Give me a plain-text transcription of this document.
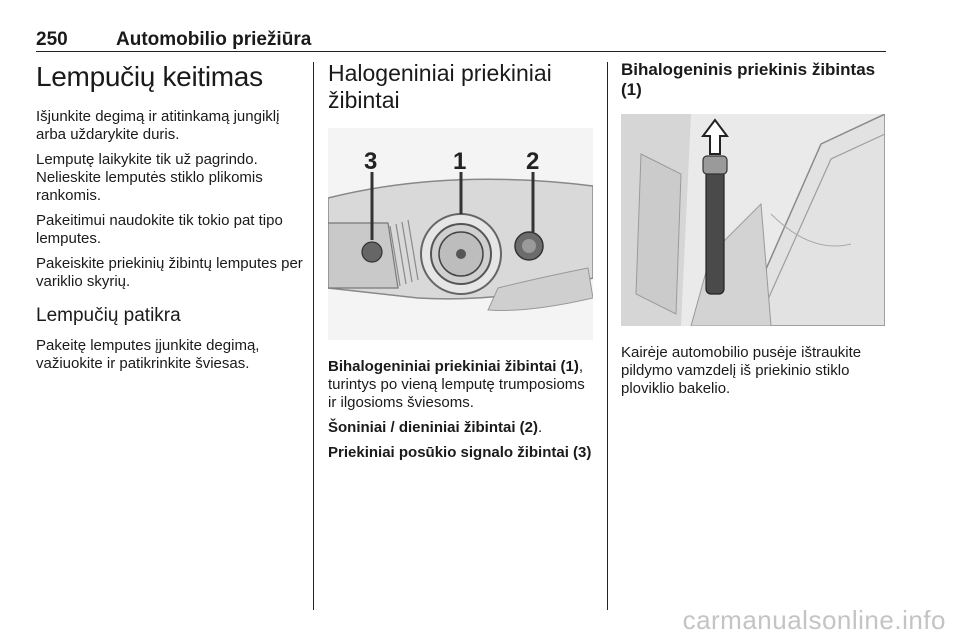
250	Automobilio priežiūra
Lempučių keitimas

Išjunkite degimą ir atitinkamą jungiklį arba uždarykite duris.

Lemputę laikykite tik už pagrindo. Nelieskite lemputės stiklo plikomis rankomis.

Pakeitimui naudokite tik tokio pat tipo lemputes.

Pakeiskite priekinių žibintų lemputes per variklio skyrių.

Lempučių patikra

Pakeitę lemputes įjunkite degimą, važiuokite ir patikrinkite šviesas.

Halogeniniai priekiniai žibintai
3	1 2

Bihalogeniniai priekiniai žibintai (1), turintys po vieną lemputę trumposioms ir ilgosioms šviesoms.

Šoniniai / dieniniai žibintai (2).

Priekiniai posūkio signalo žibintai (3)

Bihalogeninis priekinis žibintas (1)

Kairėje automobilio pusėje ištraukite pildymo vamzdelį iš priekinio stiklo ploviklio bakelio.

carmanualsonline.info
